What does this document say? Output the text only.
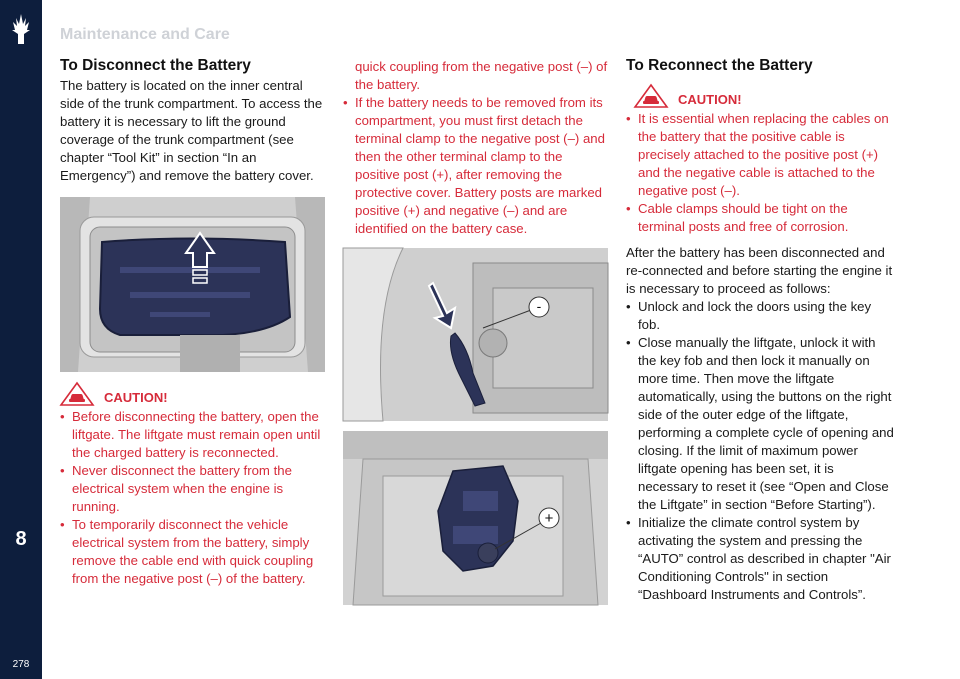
8
278
Maintenance and Care
To Disconnect the Battery

The battery is located on the inner central side of the trunk compartment. To access the battery it is necessary to lift the ground coverage of the trunk compartment (see chapter “Tool Kit” in section “In an Emergency”) and remove the battery cover.

CAUTION!
• Before disconnecting the battery, open the liftgate. The liftgate must remain open until the charged battery is reconnected.
• Never disconnect the battery from the electrical system when the engine is running.
• To temporarily disconnect the vehicle electrical system from the battery, simply remove the cable end with quick coupling from the negative post (–) of the battery.
quick coupling from the negative post (–) of the battery.
• If the battery needs to be removed from its compartment, you must first detach the terminal clamp to the negative post (–) and then the other terminal clamp to the positive post (+), after removing the protective cover. Battery posts are marked positive (+) and negative (–) and are identified on the battery case.
-
+
To Reconnect the Battery
CAUTION!
• It is essential when replacing the cables on the battery that the positive cable is precisely attached to the positive post (+) and the negative cable is attached to the negative post (–).
• Cable clamps should be tight on the terminal posts and free of corrosion.

After the battery has been disconnected and re-connected and before starting the engine it is necessary to proceed as follows:

• Unlock and lock the doors using the key fob.
• Close manually the liftgate, unlock it with the key fob and then lock it manually on more time. Then move the liftgate automatically, using the buttons on the right side of the outer edge of the liftgate, performing a complete cycle of opening and closing. If the limit of maximum power liftgate opening has been set, it is necessary to reset it (see “Open and Close the Liftgate” in section “Before Starting”).
• Initialize the climate control system by activating the system and pressing the “AUTO” control as described in chapter "Air Conditioning Controls" in section “Dashboard Instruments and Controls”.
